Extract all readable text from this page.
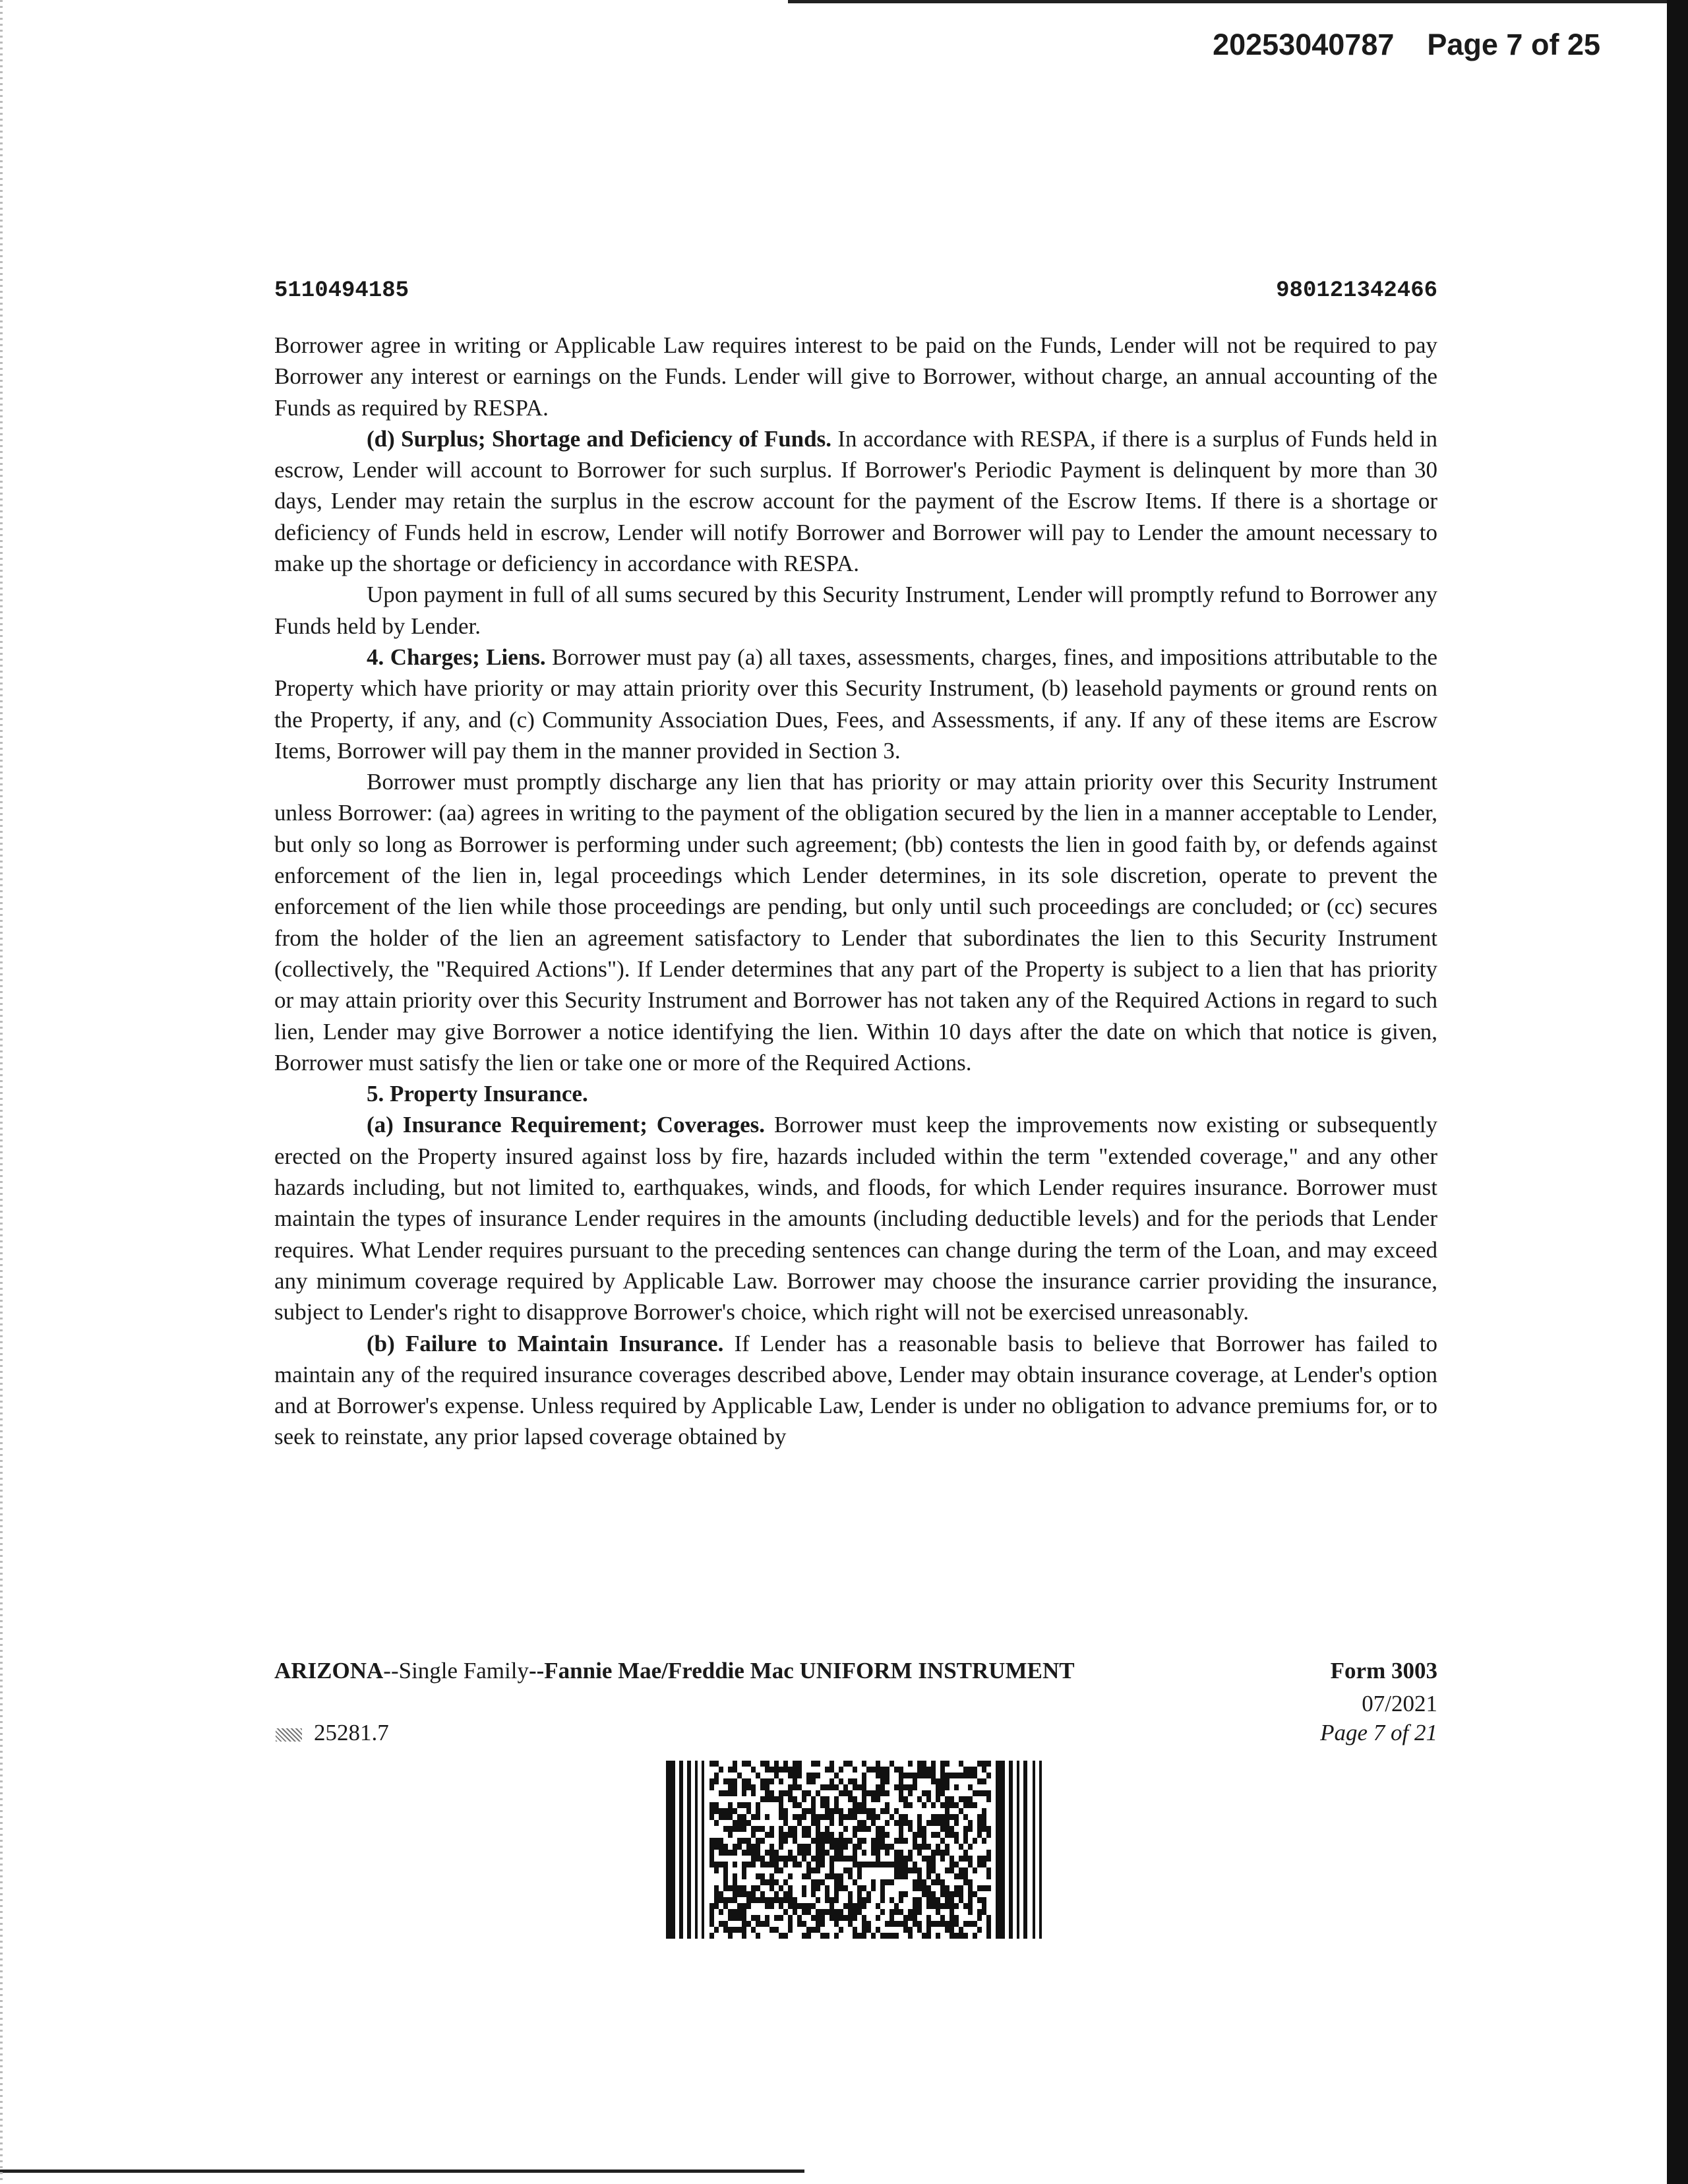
20253040787 Page 7 of 25
5110494185	980121342466

Borrower agree in writing or Applicable Law requires interest to be paid on the Funds, Lender will not be required to pay Borrower any interest or earnings on the Funds. Lender will give to Borrower, without charge, an annual accounting of the Funds as required by RESPA.

(d) Surplus; Shortage and Deficiency of Funds. In accordance with RESPA, if there is a surplus of Funds held in escrow, Lender will account to Borrower for such surplus. If Borrower's Periodic Payment is delinquent by more than 30 days, Lender may retain the surplus in the escrow account for the payment of the Escrow Items. If there is a shortage or deficiency of Funds held in escrow, Lender will notify Borrower and Borrower will pay to Lender the amount necessary to make up the shortage or deficiency in accordance with RESPA.

Upon payment in full of all sums secured by this Security Instrument, Lender will promptly refund to Borrower any Funds held by Lender.

4. Charges; Liens. Borrower must pay (a) all taxes, assessments, charges, fines, and impositions attributable to the Property which have priority or may attain priority over this Security Instrument, (b) leasehold payments or ground rents on the Property, if any, and (c) Community Association Dues, Fees, and Assessments, if any. If any of these items are Escrow Items, Borrower will pay them in the manner provided in Section 3.

Borrower must promptly discharge any lien that has priority or may attain priority over this Security Instrument unless Borrower: (aa) agrees in writing to the payment of the obligation secured by the lien in a manner acceptable to Lender, but only so long as Borrower is performing under such agreement; (bb) contests the lien in good faith by, or defends against enforcement of the lien in, legal proceedings which Lender determines, in its sole discretion, operate to prevent the enforcement of the lien while those proceedings are pending, but only until such proceedings are concluded; or (cc) secures from the holder of the lien an agreement satisfactory to Lender that subordinates the lien to this Security Instrument (collectively, the "Required Actions"). If Lender determines that any part of the Property is subject to a lien that has priority or may attain priority over this Security Instrument and Borrower has not taken any of the Required Actions in regard to such lien, Lender may give Borrower a notice identifying the lien. Within 10 days after the date on which that notice is given, Borrower must satisfy the lien or take one or more of the Required Actions.

5. Property Insurance.

(a) Insurance Requirement; Coverages. Borrower must keep the improvements now existing or subsequently erected on the Property insured against loss by fire, hazards included within the term "extended coverage," and any other hazards including, but not limited to, earthquakes, winds, and floods, for which Lender requires insurance. Borrower must maintain the types of insurance Lender requires in the amounts (including deductible levels) and for the periods that Lender requires. What Lender requires pursuant to the preceding sentences can change during the term of the Loan, and may exceed any minimum coverage required by Applicable Law. Borrower may choose the insurance carrier providing the insurance, subject to Lender's right to disapprove Borrower's choice, which right will not be exercised unreasonably.

(b) Failure to Maintain Insurance. If Lender has a reasonable basis to believe that Borrower has failed to maintain any of the required insurance coverages described above, Lender may obtain insurance coverage, at Lender's option and at Borrower's expense. Unless required by Applicable Law, Lender is under no obligation to advance premiums for, or to seek to reinstate, any prior lapsed coverage obtained by

ARIZONA--Single Family--Fannie Mae/Freddie Mac UNIFORM INSTRUMENT	Form 3003
07/2021
Page 7 of 21
25281.7
